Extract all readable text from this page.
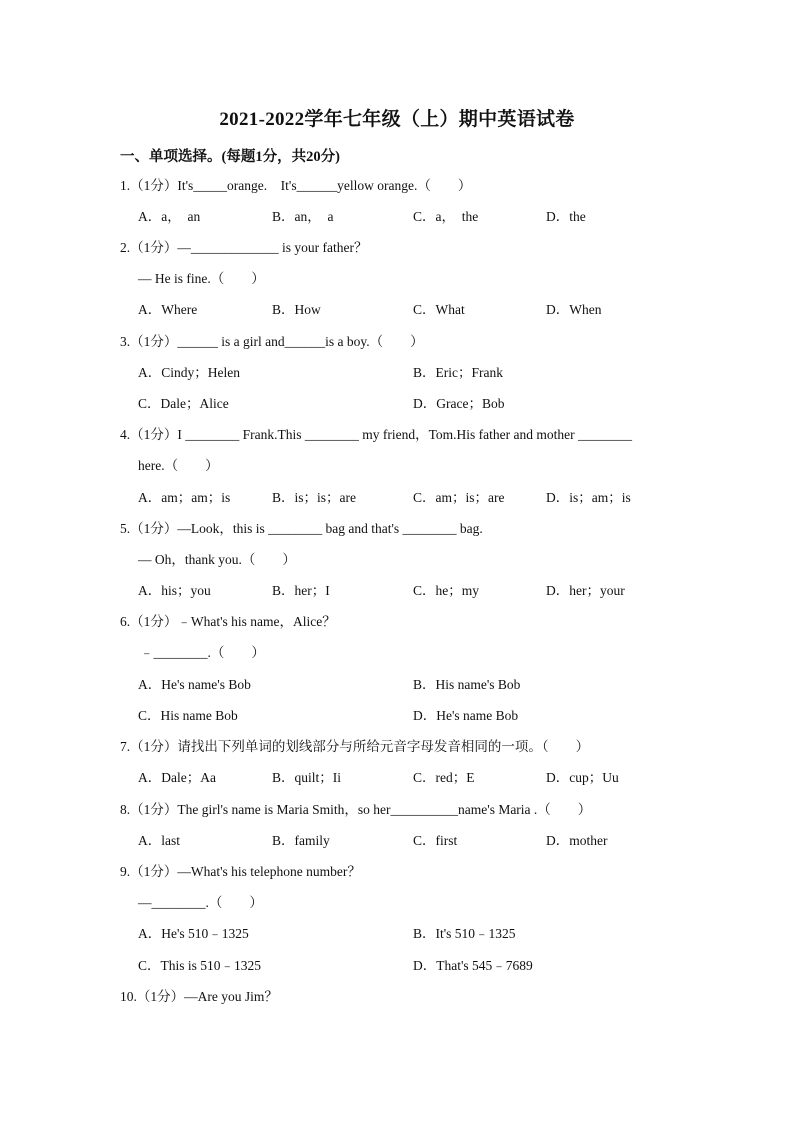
2021-2022学年七年级（上）期中英语试卷
一、单项选择。(每题1分，共20分)
1.（1分）It's_____orange.　It's______yellow orange.（　　）
A．a，　an	B．an，　a	C．a，　the	D．the
2.（1分）—_____________ is your father？
— He is fine.（　　）
A．Where	B．How	C．What	D．When
3.（1分）______ is a girl and______is a boy.（　　）
A．Cindy；Helen	B．Eric；Frank
C．Dale；Alice	D．Grace；Bob
4.（1分）I ________ Frank.This ________ my friend，Tom.His father and mother ________
here.（　　）
A．am；am；is	B．is；is；are	C．am；is；are	D．is；am；is
5.（1分）—Look，this is ________ bag and that's ________ bag.
— Oh，thank you.（　　）
A．his；you	B．her；I	C．he；my	D．her；your
6.（1分）﹣What's his name，Alice？
﹣________.（　　）
A．He's name's Bob	B．His name's Bob
C．His name Bob	D．He's name Bob
7.（1分）请找出下列单词的划线部分与所给元音字母发音相同的一项。（　　）
A．Dale；Aa	B．quilt；Ii	C．red；E	D．cup；Uu
8.（1分）The girl's name is Maria Smith，so her__________name's Maria .（　　）
A．last	B．family	C．first	D．mother
9.（1分）—What's his telephone number？
—________.（　　）
A．He's 510﹣1325	B．It's 510﹣1325
C．This is 510﹣1325	D．That's 545﹣7689
10.（1分）—Are you Jim？
